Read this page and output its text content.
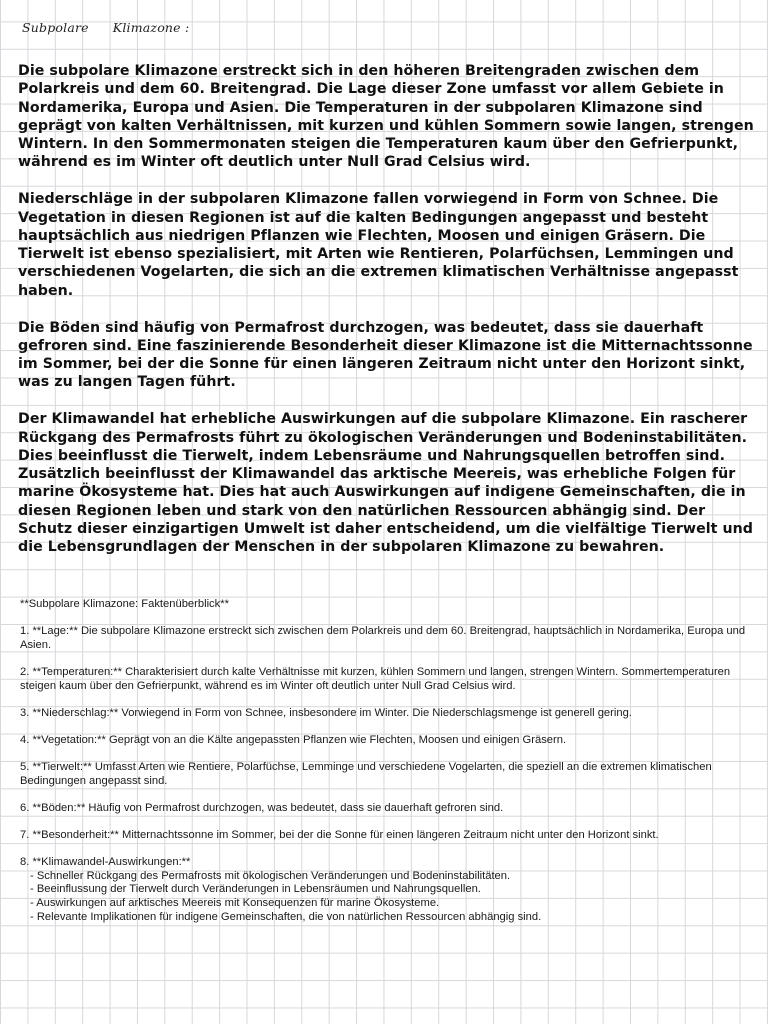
Subpolare Klimazone :

Die subpolare Klimazone erstreckt sich in den höheren Breitengraden zwischen dem Polarkreis und dem 60. Breitengrad. Die Lage dieser Zone umfasst vor allem Gebiete in Nordamerika, Europa und Asien. Die Temperaturen in der subpolaren Klimazone sind geprägt von kalten Verhältnissen, mit kurzen und kühlen Sommern sowie langen, strengen Wintern. In den Sommermonaten steigen die Temperaturen kaum über den Gefrierpunkt, während es im Winter oft deutlich unter Null Grad Celsius wird.

Niederschläge in der subpolaren Klimazone fallen vorwiegend in Form von Schnee. Die Vegetation in diesen Regionen ist auf die kalten Bedingungen angepasst und besteht hauptsächlich aus niedrigen Pflanzen wie Flechten, Moosen und einigen Gräsern. Die Tierwelt ist ebenso spezialisiert, mit Arten wie Rentieren, Polarfüchsen, Lemmingen und verschiedenen Vogelarten, die sich an die extremen klimatischen Verhältnisse angepasst haben.

Die Böden sind häufig von Permafrost durchzogen, was bedeutet, dass sie dauerhaft gefroren sind. Eine faszinierende Besonderheit dieser Klimazone ist die Mitternachtssonne im Sommer, bei der die Sonne für einen längeren Zeitraum nicht unter den Horizont sinkt, was zu langen Tagen führt.

Der Klimawandel hat erhebliche Auswirkungen auf die subpolare Klimazone. Ein rascherer Rückgang des Permafrosts führt zu ökologischen Veränderungen und Bodeninstabilitäten. Dies beeinflusst die Tierwelt, indem Lebensräume und Nahrungsquellen betroffen sind. Zusätzlich beeinflusst der Klimawandel das arktische Meereis, was erhebliche Folgen für marine Ökosysteme hat. Dies hat auch Auswirkungen auf indigene Gemeinschaften, die in diesen Regionen leben und stark von den natürlichen Ressourcen abhängig sind. Der Schutz dieser einzigartigen Umwelt ist daher entscheidend, um die vielfältige Tierwelt und die Lebensgrundlagen der Menschen in der subpolaren Klimazone zu bewahren.

**Subpolare Klimazone: Faktenüberblick**
1. **Lage:** Die subpolare Klimazone erstreckt sich zwischen dem Polarkreis und dem 60. Breitengrad, hauptsächlich in Nordamerika, Europa und Asien.
2. **Temperaturen:** Charakterisiert durch kalte Verhältnisse mit kurzen, kühlen Sommern und langen, strengen Wintern. Sommertemperaturen steigen kaum über den Gefrierpunkt, während es im Winter oft deutlich unter Null Grad Celsius wird.
3. **Niederschlag:** Vorwiegend in Form von Schnee, insbesondere im Winter. Die Niederschlagsmenge ist generell gering.
4. **Vegetation:** Geprägt von an die Kälte angepassten Pflanzen wie Flechten, Moosen und einigen Gräsern.
5. **Tierwelt:** Umfasst Arten wie Rentiere, Polarfüchse, Lemminge und verschiedene Vogelarten, die speziell an die extremen klimatischen Bedingungen angepasst sind.
6. **Böden:** Häufig von Permafrost durchzogen, was bedeutet, dass sie dauerhaft gefroren sind.
7. **Besonderheit:** Mitternachtssonne im Sommer, bei der die Sonne für einen längeren Zeitraum nicht unter den Horizont sinkt.
8. **Klimawandel-Auswirkungen:**
- Schneller Rückgang des Permafrosts mit ökologischen Veränderungen und Bodeninstabilitäten.
- Beeinflussung der Tierwelt durch Veränderungen in Lebensräumen und Nahrungsquellen.
- Auswirkungen auf arktisches Meereis mit Konsequenzen für marine Ökosysteme.
- Relevante Implikationen für indigene Gemeinschaften, die von natürlichen Ressourcen abhängig sind.
